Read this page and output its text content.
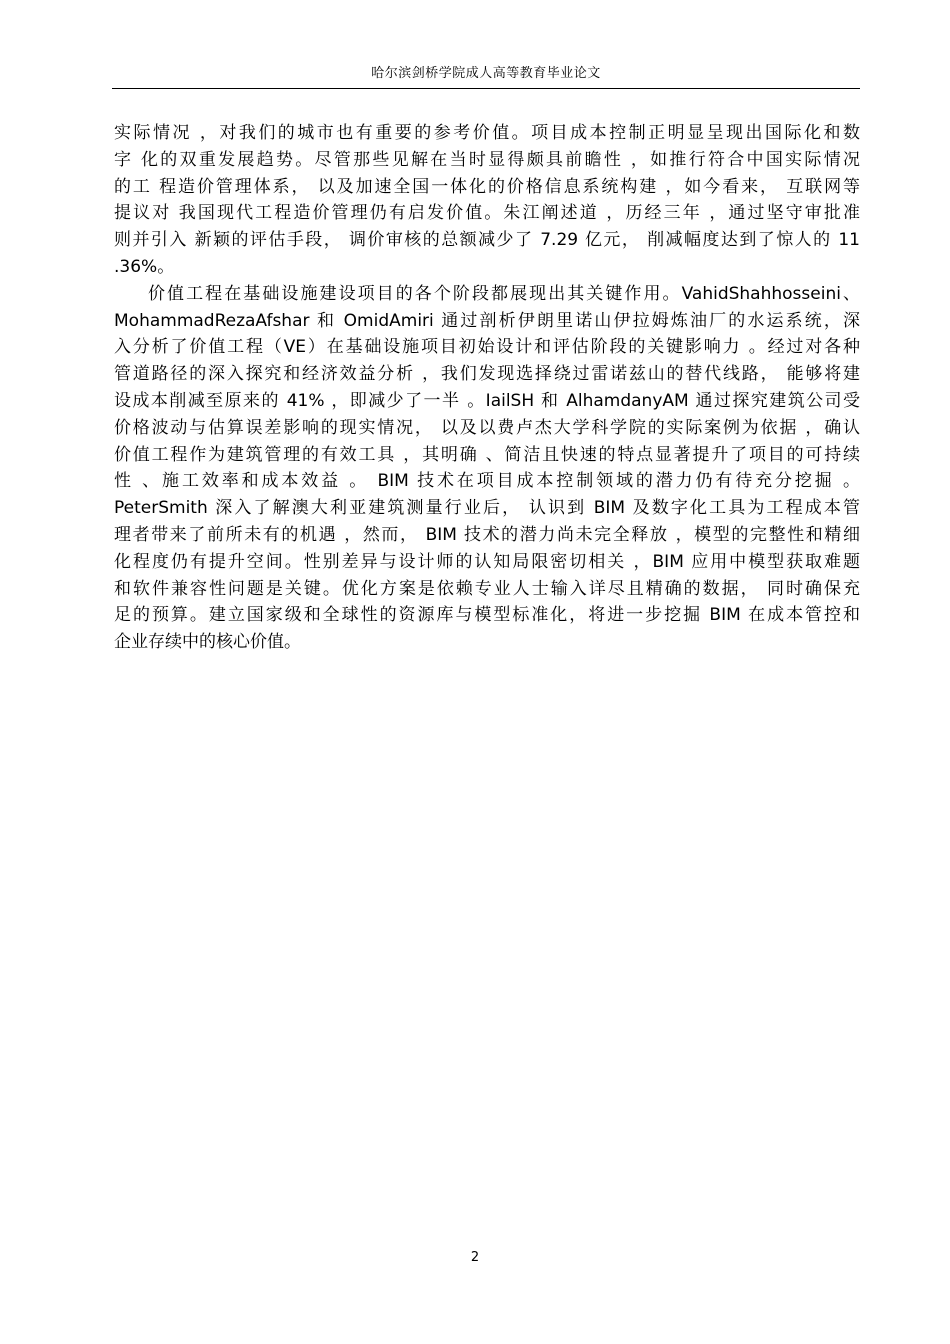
哈尔滨剑桥学院成人高等教育毕业论文
实际情况 ，对我们的城市也有重要的参考价值。项目成本控制正明显呈现出国际化和数
字 化的双重发展趋势。尽管那些见解在当时显得颇具前瞻性 ，如推行符合中国实际情况
的工 程造价管理体系， 以及加速全国一体化的价格信息系统构建 ，如今看来， 互联网等
提议对 我国现代工程造价管理仍有启发价值。朱江阐述道 ，历经三年 ，通过坚守审批准
则并引入 新颖的评估手段， 调价审核的总额减少了 7.29 亿元， 削减幅度达到了惊人的 11
.36%。
价值工程在基础设施建设项目的各个阶段都展现出其关键作用。VahidShahhosseini、
MohammadRezaAfshar 和 OmidAmiri 通过剖析伊朗里诺山伊拉姆炼油厂的水运系统，深
入分析了价值工程（VE）在基础设施项目初始设计和评估阶段的关键影响力 。经过对各种
管道路径的深入探究和经济效益分析 ，我们发现选择绕过雷诺兹山的替代线路， 能够将建
设成本削减至原来的 41% ，即减少了一半 。IailSH 和 AlhamdanyAM 通过探究建筑公司受
价格波动与估算误差影响的现实情况， 以及以费卢杰大学科学院的实际案例为依据 ，确认
价值工程作为建筑管理的有效工具 ，其明确 、简洁且快速的特点显著提升了项目的可持续
性 、施工效率和成本效益 。 BIM 技术在项目成本控制领域的潜力仍有待充分挖掘 。
PeterSmith 深入了解澳大利亚建筑测量行业后， 认识到 BIM 及数字化工具为工程成本管
理者带来了前所未有的机遇 ，然而， BIM 技术的潜力尚未完全释放 ，模型的完整性和精细
化程度仍有提升空间。性别差异与设计师的认知局限密切相关 ，BIM 应用中模型获取难题
和软件兼容性问题是关键。优化方案是依赖专业人士输入详尽且精确的数据， 同时确保充
足的预算。建立国家级和全球性的资源库与模型标准化，将进一步挖掘 BIM 在成本管控和
企业存续中的核心价值。
2
